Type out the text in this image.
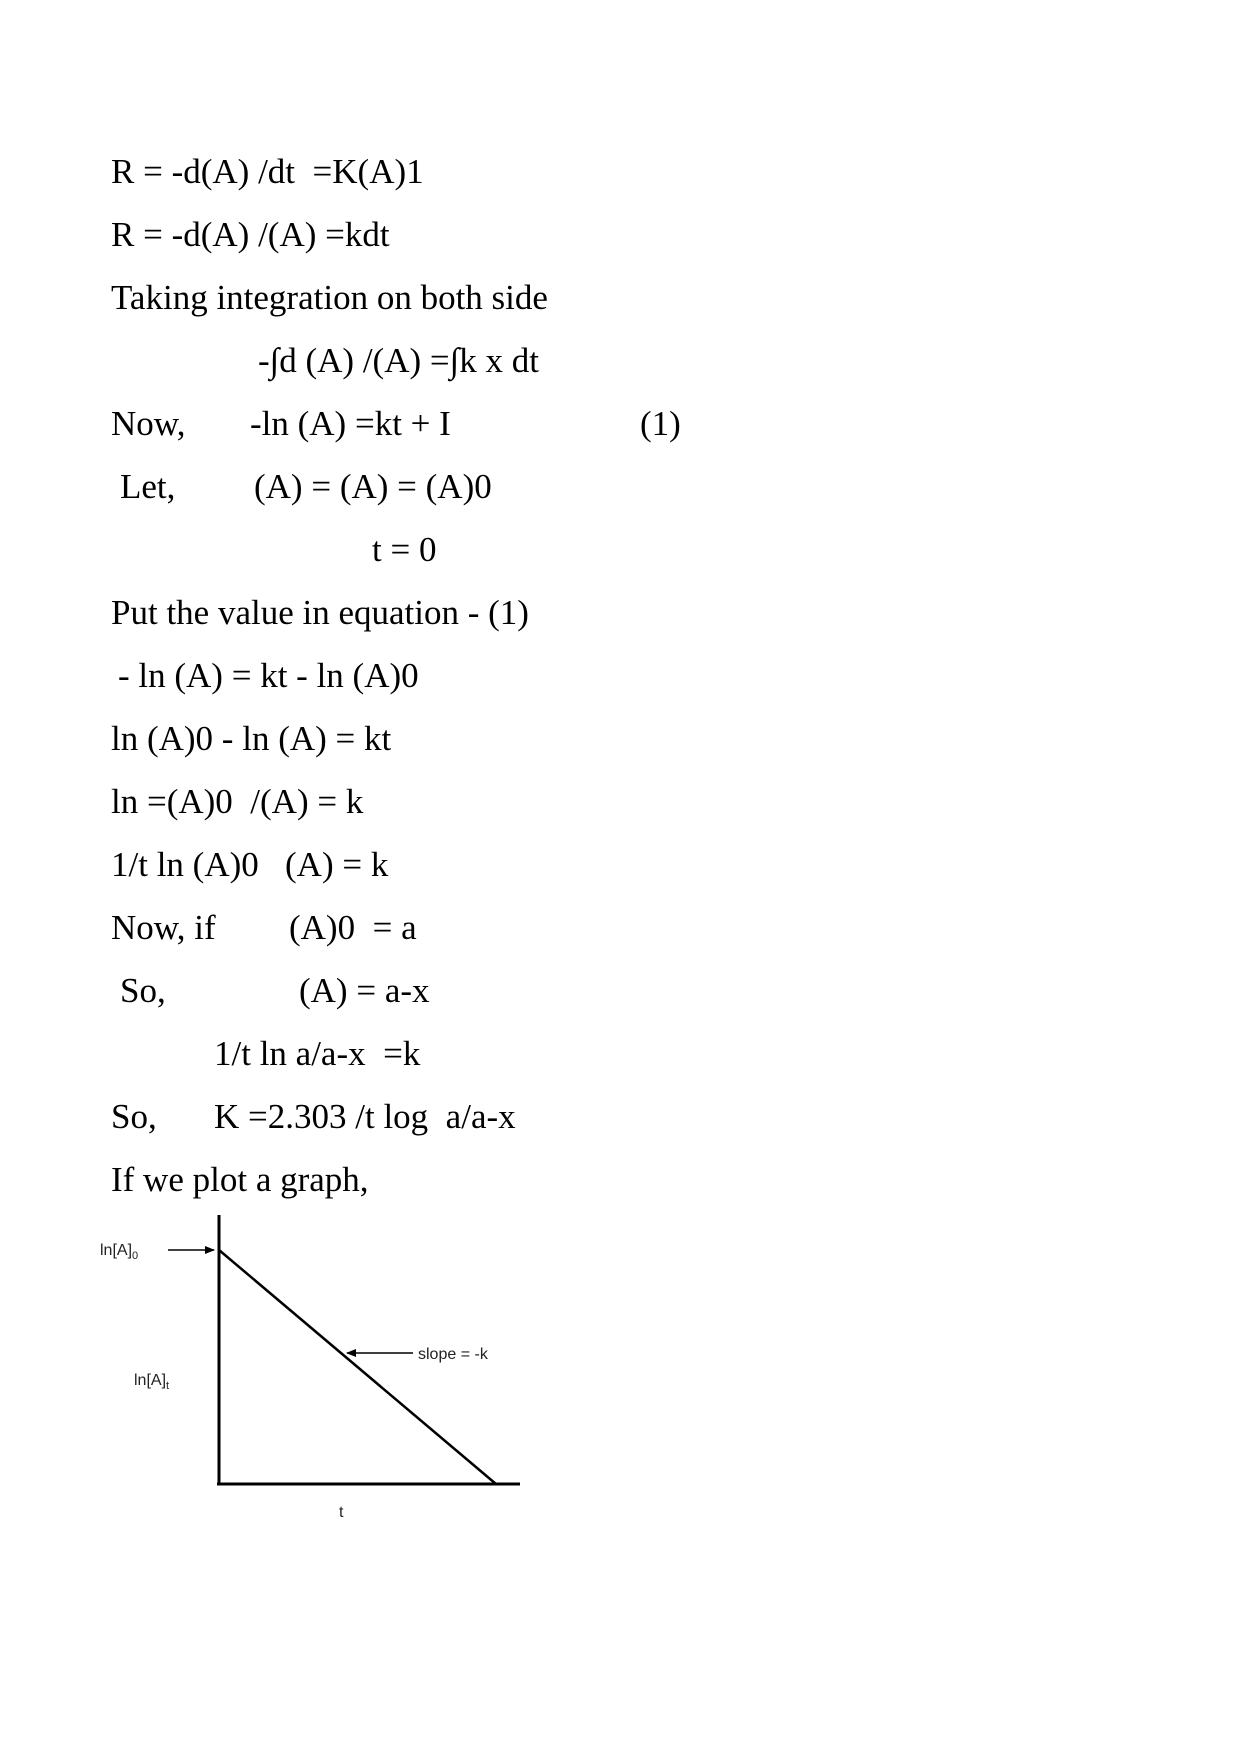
R = -d(A) /dt  =K(A)1
R = -d(A) /(A) =kdt
Taking integration on both side
-∫d (A) /(A) =∫k x dt
Now, -ln (A) =kt + I	(1)
Let, (A) = (A) = (A)0
t = 0
Put the value in equation - (1)
- ln (A) = kt - ln (A)0
ln (A)0 - ln (A) = kt
ln =(A)0  /(A) = k
1/t ln (A)0   (A) = k
Now, if (A)0  = a
So,	(A) = a-x
1/t ln a/a-x  =k
So, K =2.303 /t log  a/a-x
If we plot a graph,
$\ln[A]_0$
$\ln[A]_t$
t
slope = -k
